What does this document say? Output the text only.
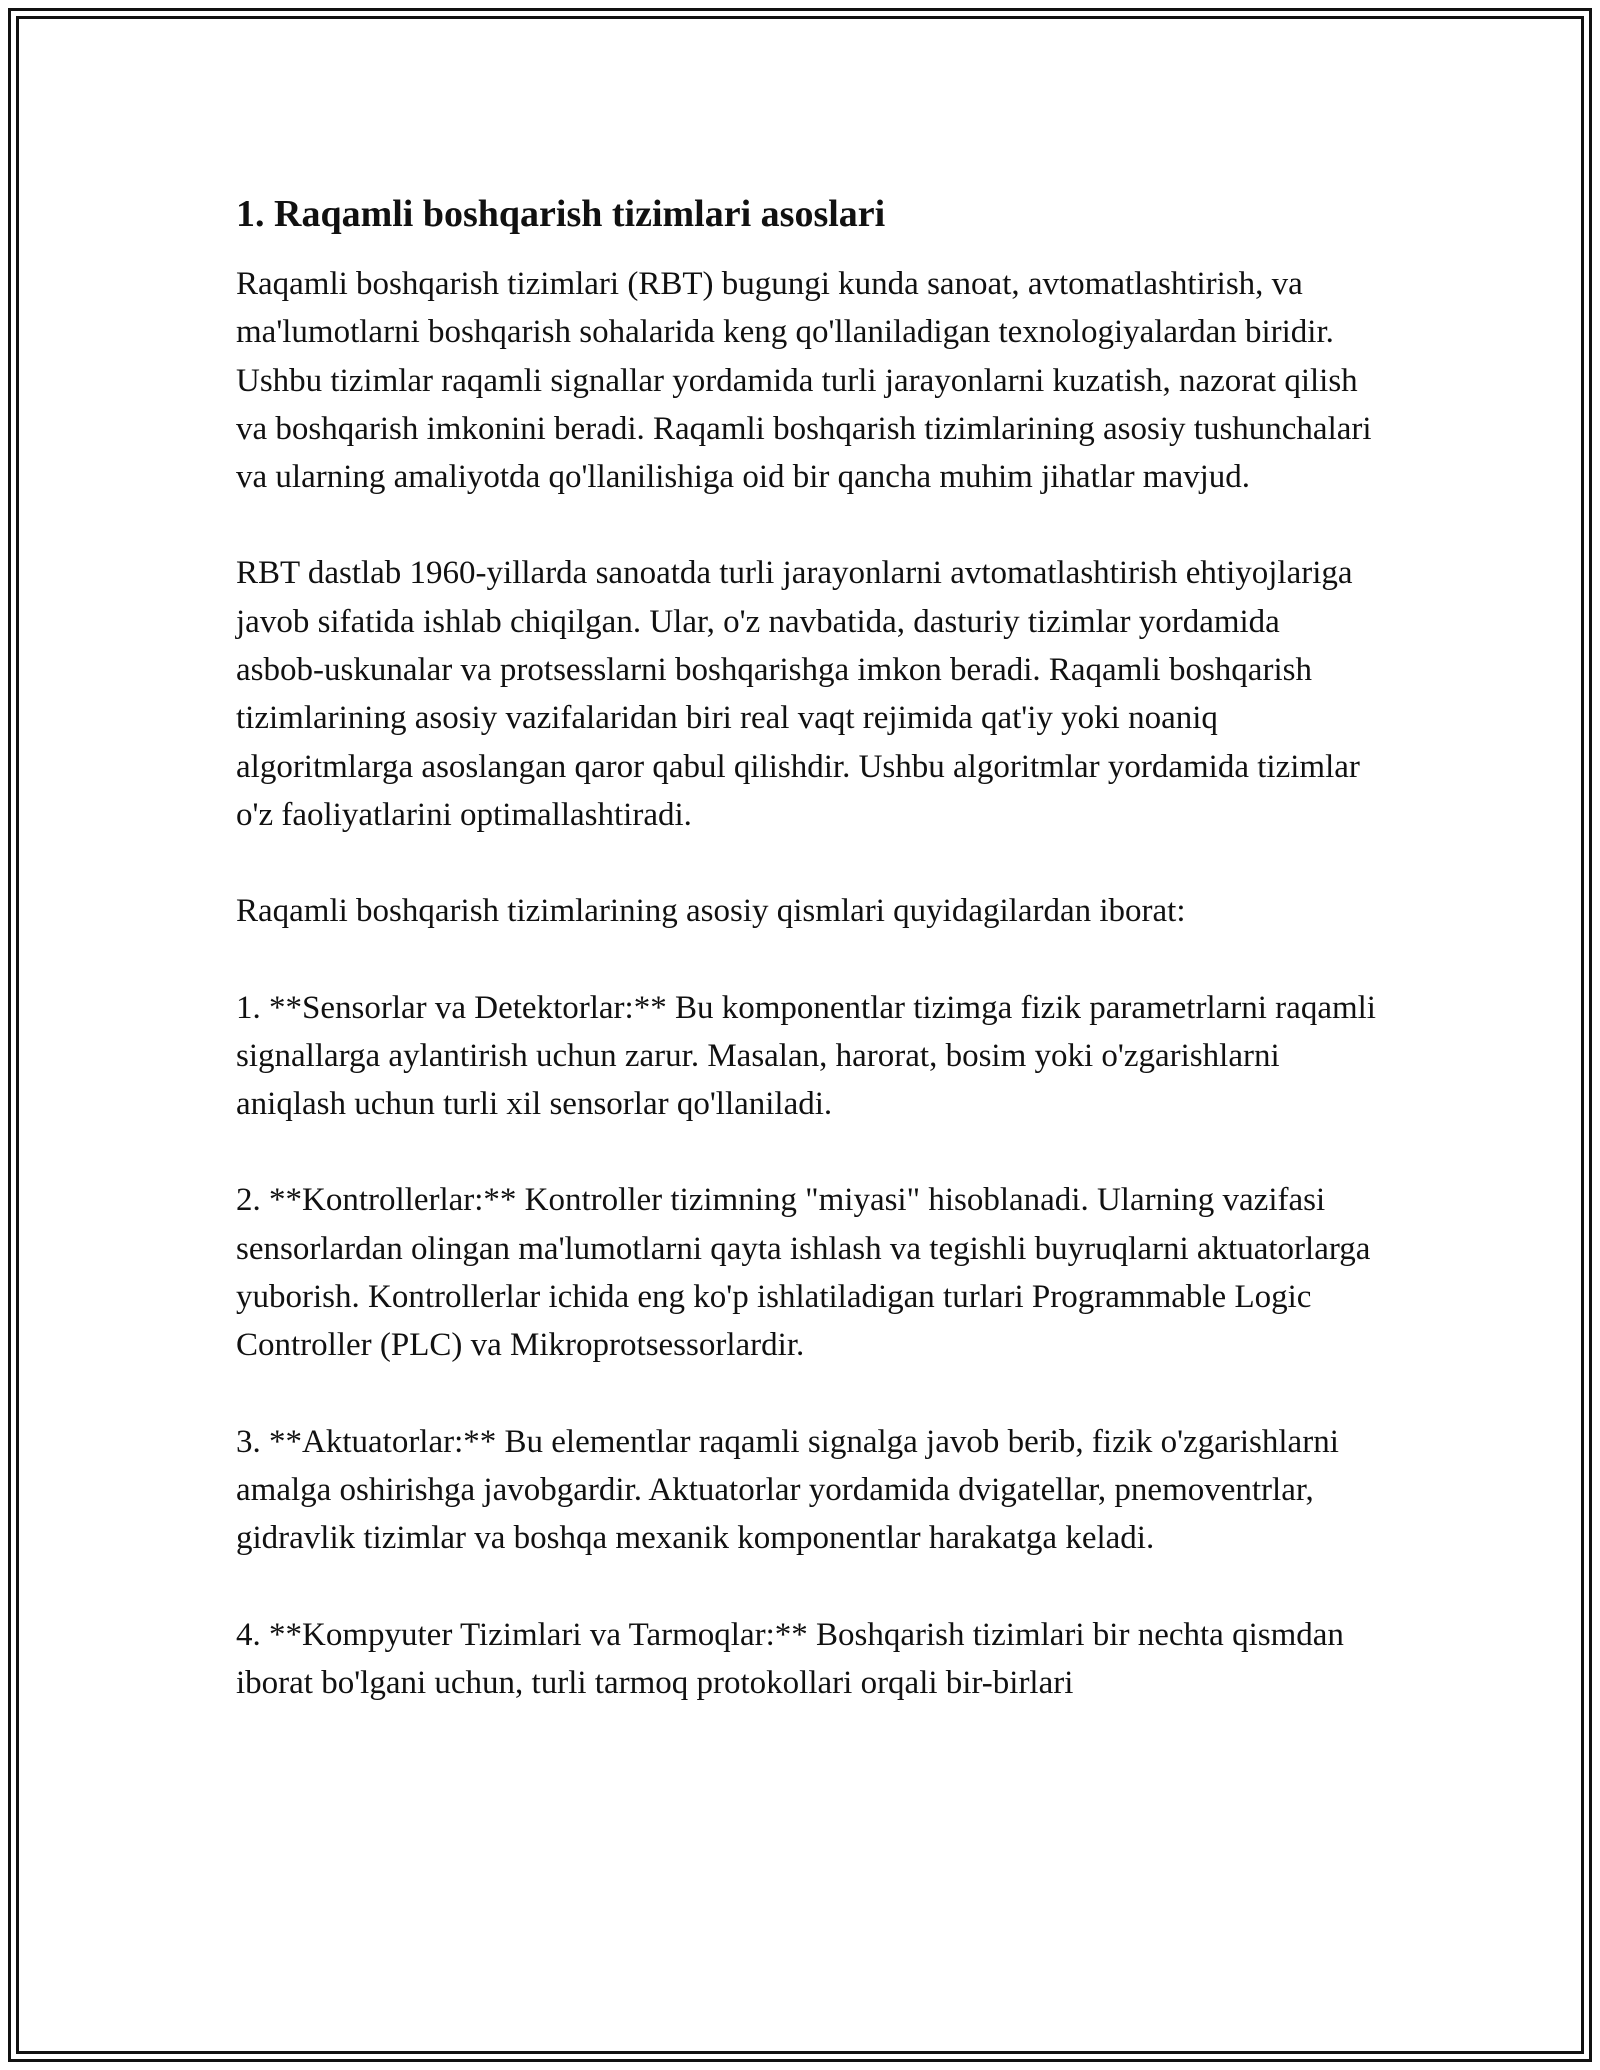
1. Raqamli boshqarish tizimlari asoslari

Raqamli boshqarish tizimlari (RBT) bugungi kunda sanoat, avtomatlashtirish, va ma'lumotlarni boshqarish sohalarida keng qo'llaniladigan texnologiyalardan biridir. Ushbu tizimlar raqamli signallar yordamida turli jarayonlarni kuzatish, nazorat qilish va boshqarish imkonini beradi. Raqamli boshqarish tizimlarining asosiy tushunchalari va ularning amaliyotda qo'llanilishiga oid bir qancha muhim jihatlar mavjud.

RBT dastlab 1960-yillarda sanoatda turli jarayonlarni avtomatlashtirish ehtiyojlariga javob sifatida ishlab chiqilgan. Ular, o'z navbatida, dasturiy tizimlar yordamida asbob-uskunalar va protsesslarni boshqarishga imkon beradi. Raqamli boshqarish tizimlarining asosiy vazifalaridan biri real vaqt rejimida qat'iy yoki noaniq algoritmlarga asoslangan qaror qabul qilishdir. Ushbu algoritmlar yordamida tizimlar o'z faoliyatlarini optimallashtiradi.

Raqamli boshqarish tizimlarining asosiy qismlari quyidagilardan iborat:

1. **Sensorlar va Detektorlar:** Bu komponentlar tizimga fizik parametrlarni raqamli signallarga aylantirish uchun zarur. Masalan, harorat, bosim yoki o'zgarishlarni aniqlash uchun turli xil sensorlar qo'llaniladi.

2. **Kontrollerlar:** Kontroller tizimning "miyasi" hisoblanadi. Ularning vazifasi sensorlardan olingan ma'lumotlarni qayta ishlash va tegishli buyruqlarni aktuatorlarga yuborish. Kontrollerlar ichida eng ko'p ishlatiladigan turlari Programmable Logic Controller (PLC) va Mikroprotsessorlardir.

3. **Aktuatorlar:** Bu elementlar raqamli signalga javob berib, fizik o'zgarishlarni amalga oshirishga javobgardir. Aktuatorlar yordamida dvigatellar, pnemoventrlar, gidravlik tizimlar va boshqa mexanik komponentlar harakatga keladi.

4. **Kompyuter Tizimlari va Tarmoqlar:** Boshqarish tizimlari bir nechta qismdan iborat bo'lgani uchun, turli tarmoq protokollari orqali bir-birlari
